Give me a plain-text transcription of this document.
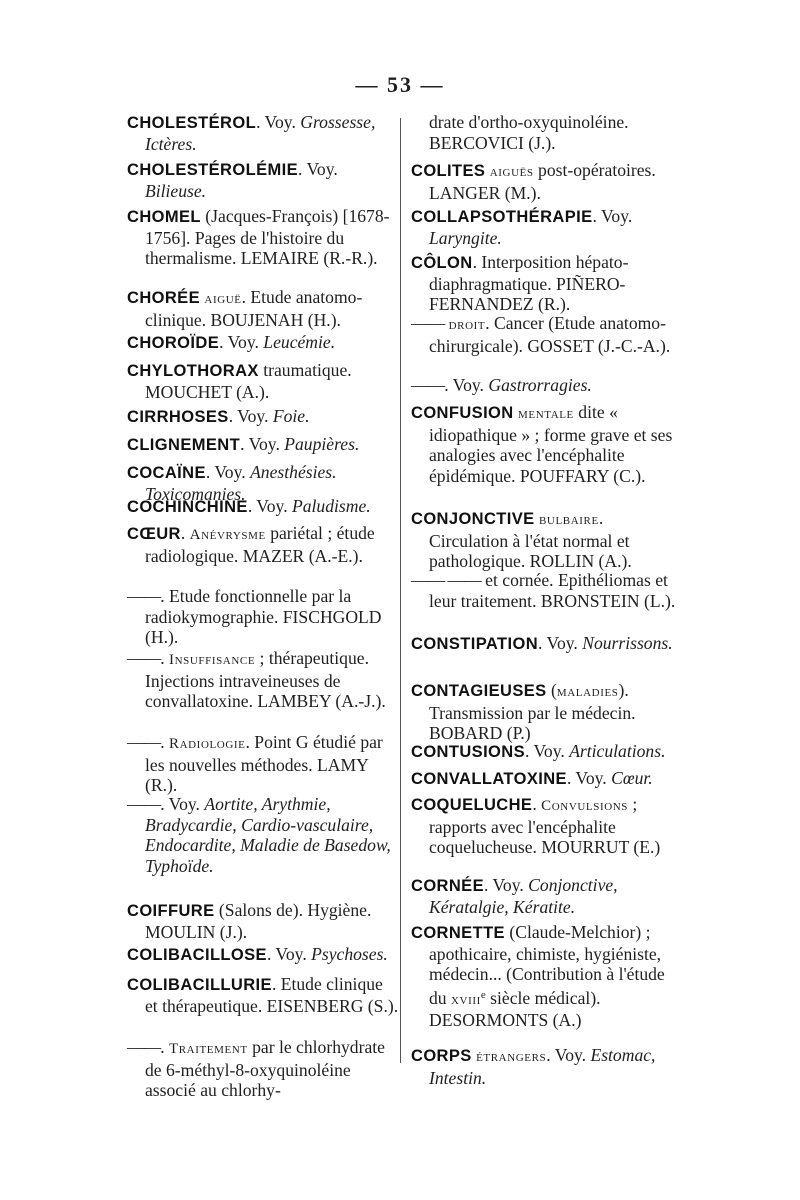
— 53 —
CHOLESTÉROL. Voy. Grossesse, Ictères.
CHOLESTÉROLÉMIE. Voy. Bilieuse.
CHOMEL (Jacques-François) [1678-1756]. Pages de l'histoire du thermalisme. LEMAIRE (R.-R.).
CHORÉE aiguë. Etude anatomo-clinique. BOUJENAH (H.).
CHOROÏDE. Voy. Leucémie.
CHYLOTHORAX traumatique. MOUCHET (A.).
CIRRHOSES. Voy. Foie.
CLIGNEMENT. Voy. Paupières.
COCAÏNE. Voy. Anesthésies. Toxicomanies.
COCHINCHINE. Voy. Paludisme.
CŒUR. Anévrysme pariétal ; étude radiologique. MAZER (A.-E.).
——. Etude fonctionnelle par la radiokymographie. FISCHGOLD (H.).
——. Insuffisance ; thérapeutique. Injections intraveineuses de convallatoxine. LAMBEY (A.-J.).
——. Radiologie. Point G étudié par les nouvelles méthodes. LAMY (R.).
——. Voy. Aortite, Arythmie, Bradycardie, Cardio-vasculaire, Endocardite, Maladie de Basedow, Typhoïde.
COIFFURE (Salons de). Hygiène. MOULIN (J.).
COLIBACILLOSE. Voy. Psychoses.
COLIBACILLURIE. Etude clinique et thérapeutique. EISENBERG (S.).
——. Traitement par le chlorhydrate de 6-méthyl-8-oxyquinoléine associé au chlorhy-
drate d'ortho-oxyquinoléine. BERCOVICI (J.).
COLITES aiguës post-opératoires. LANGER (M.).
COLLAPSOTHÉRAPIE. Voy. Laryngite.
CÔLON. Interposition hépato-diaphragmatique. PIÑERO-FERNANDEZ (R.).
—— droit. Cancer (Etude anatomo-chirurgicale). GOSSET (J.-C.-A.).
——. Voy. Gastrorragies.
CONFUSION mentale dite « idiopathique » ; forme grave et ses analogies avec l'encéphalite épidémique. POUFFARY (C.).
CONJONCTIVE bulbaire. Circulation à l'état normal et pathologique. ROLLIN (A.).
—— —— et cornée. Epithéliomas et leur traitement. BRONSTEIN (L.).
CONSTIPATION. Voy. Nourrissons.
CONTAGIEUSES (maladies). Transmission par le médecin. BOBARD (P.)
CONTUSIONS. Voy. Articulations.
CONVALLATOXINE. Voy. Cœur.
COQUELUCHE. Convulsions ; rapports avec l'encéphalite coquelucheuse. MOURRUT (E.)
CORNÉE. Voy. Conjonctive, Kératalgie, Kératite.
CORNETTE (Claude-Melchior) ; apothicaire, chimiste, hygiéniste, médecin... (Contribution à l'étude du xviii$^e$ siècle médical). DESORMONTS (A.)
CORPS étrangers. Voy. Estomac, Intestin.
